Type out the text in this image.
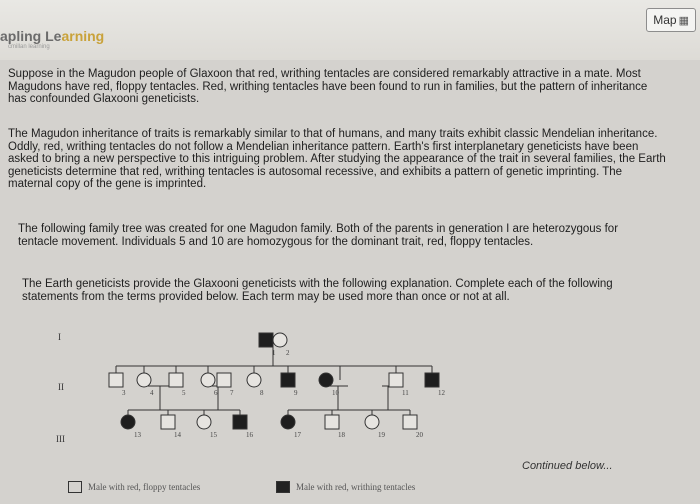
apling Learning
cmillan learning
Map ▦

Suppose in the Magudon people of Glaxoon that red, writhing tentacles are considered remarkably attractive in a mate. Most Magudons have red, floppy tentacles. Red, writhing tentacles have been found to run in families, but the pattern of inheritance has confounded Glaxooni geneticists.

The Magudon inheritance of traits is remarkably similar to that of humans, and many traits exhibit classic Mendelian inheritance. Oddly, red, writhing tentacles do not follow a Mendelian inheritance pattern. Earth's first interplanetary geneticists have been asked to bring a new perspective to this intriguing problem. After studying the appearance of the trait in several families, the Earth geneticists determine that red, writhing tentacles is autosomal recessive, and exhibits a pattern of genetic imprinting. The maternal copy of the gene is imprinted.

The following family tree was created for one Magudon family. Both of the parents in generation I are heterozygous for tentacle movement. Individuals 5 and 10 are homozygous for the dominant trait, red, floppy tentacles.

The Earth geneticists provide the Glaxooni geneticists with the following explanation. Complete each of the following statements from the terms provided below. Each term may be used more than once or not at all.

I
II
III
1 2
3	4	5	6 7	8	9	10	11	12
13	14	15	16	17	18	19	20
Continued below...
Male with red, floppy tentacles	Male with red, writhing tentacles
